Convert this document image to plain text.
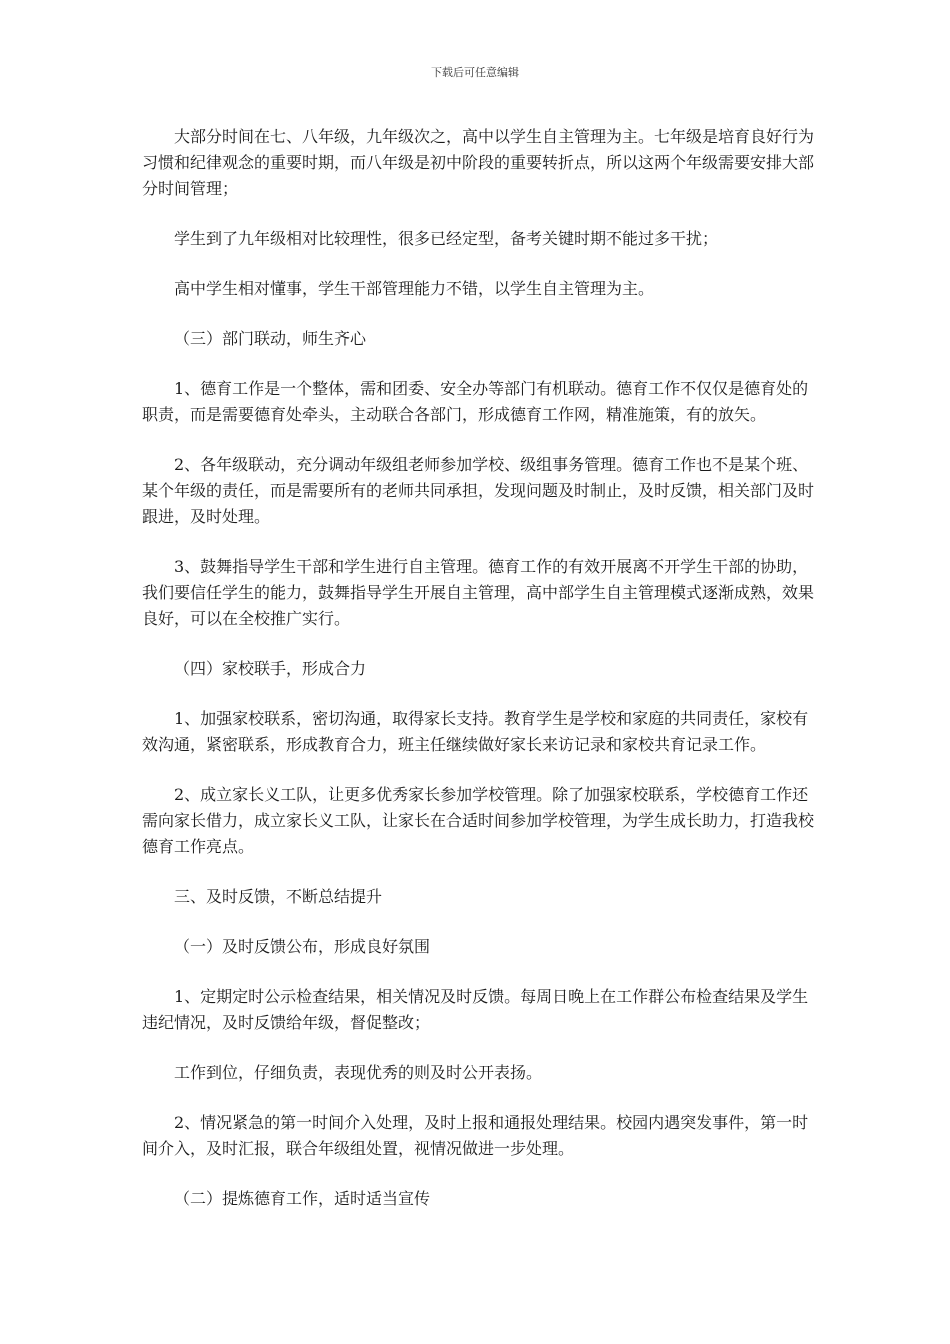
下载后可任意编辑

大部分时间在七、八年级，九年级次之，高中以学生自主管理为主。七年级是培育良好行为习惯和纪律观念的重要时期，而八年级是初中阶段的重要转折点，所以这两个年级需要安排大部分时间管理；

学生到了九年级相对比较理性，很多已经定型，备考关键时期不能过多干扰；

高中学生相对懂事，学生干部管理能力不错，以学生自主管理为主。

（三）部门联动，师生齐心

1、德育工作是一个整体，需和团委、安全办等部门有机联动。德育工作不仅仅是德育处的职责，而是需要德育处牵头，主动联合各部门，形成德育工作网，精准施策，有的放矢。

2、各年级联动，充分调动年级组老师参加学校、级组事务管理。德育工作也不是某个班、某个年级的责任，而是需要所有的老师共同承担，发现问题及时制止，及时反馈，相关部门及时跟进，及时处理。

3、鼓舞指导学生干部和学生进行自主管理。德育工作的有效开展离不开学生干部的协助，我们要信任学生的能力，鼓舞指导学生开展自主管理，高中部学生自主管理模式逐渐成熟，效果良好，可以在全校推广实行。

（四）家校联手，形成合力

1、加强家校联系，密切沟通，取得家长支持。教育学生是学校和家庭的共同责任，家校有效沟通，紧密联系，形成教育合力，班主任继续做好家长来访记录和家校共育记录工作。

2、成立家长义工队，让更多优秀家长参加学校管理。除了加强家校联系，学校德育工作还需向家长借力，成立家长义工队，让家长在合适时间参加学校管理，为学生成长助力，打造我校德育工作亮点。

三、及时反馈，不断总结提升

（一）及时反馈公布，形成良好氛围

1、定期定时公示检查结果，相关情况及时反馈。每周日晚上在工作群公布检查结果及学生违纪情况，及时反馈给年级，督促整改；

工作到位，仔细负责，表现优秀的则及时公开表扬。

2、情况紧急的第一时间介入处理，及时上报和通报处理结果。校园内遇突发事件，第一时间介入，及时汇报，联合年级组处置，视情况做进一步处理。

（二）提炼德育工作，适时适当宣传
